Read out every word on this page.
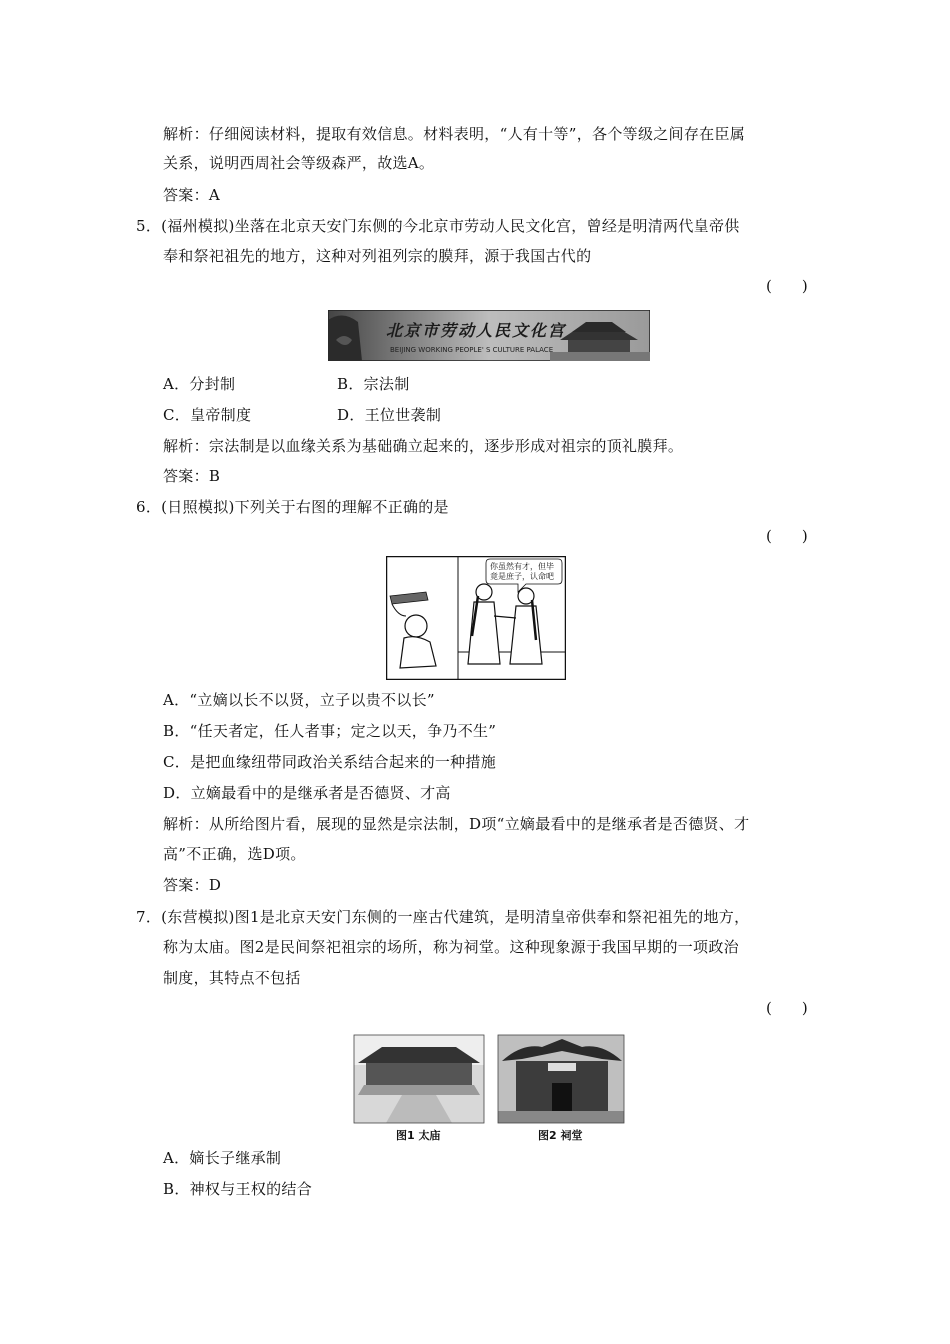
解析：仔细阅读材料，提取有效信息。材料表明，“人有十等”，各个等级之间存在臣属
关系，说明西周社会等级森严，故选A。
答案：A
5．(福州模拟)坐落在北京天安门东侧的今北京市劳动人民文化宫，曾经是明清两代皇帝供
奉和祭祀祖先的地方，这种对列祖列宗的膜拜，源于我国古代的
(　　)
北京市劳动人民文化宫
BEIJING WORKING PEOPLE' S CULTURE PALACE
A．分封制	B．宗法制
C．皇帝制度	D．王位世袭制
解析：宗法制是以血缘关系为基础确立起来的，逐步形成对祖宗的顶礼膜拜。
答案：B
6．(日照模拟)下列关于右图的理解不正确的是
(　　)
你虽然有才，但毕
竟是庶子，认命吧
A．“立嫡以长不以贤，立子以贵不以长”
B．“任天者定，任人者事；定之以天，争乃不生”
C．是把血缘纽带同政治关系结合起来的一种措施
D．立嫡最看中的是继承者是否德贤、才高
解析：从所给图片看，展现的显然是宗法制，D项“立嫡最看中的是继承者是否德贤、才
高”不正确，选D项。
答案：D
7．(东营模拟)图1是北京天安门东侧的一座古代建筑，是明清皇帝供奉和祭祀祖先的地方，
称为太庙。图2是民间祭祀祖宗的场所，称为祠堂。这种现象源于我国早期的一项政治
制度，其特点不包括
(　　)
图1 太庙	图2 祠堂
A．嫡长子继承制
B．神权与王权的结合
